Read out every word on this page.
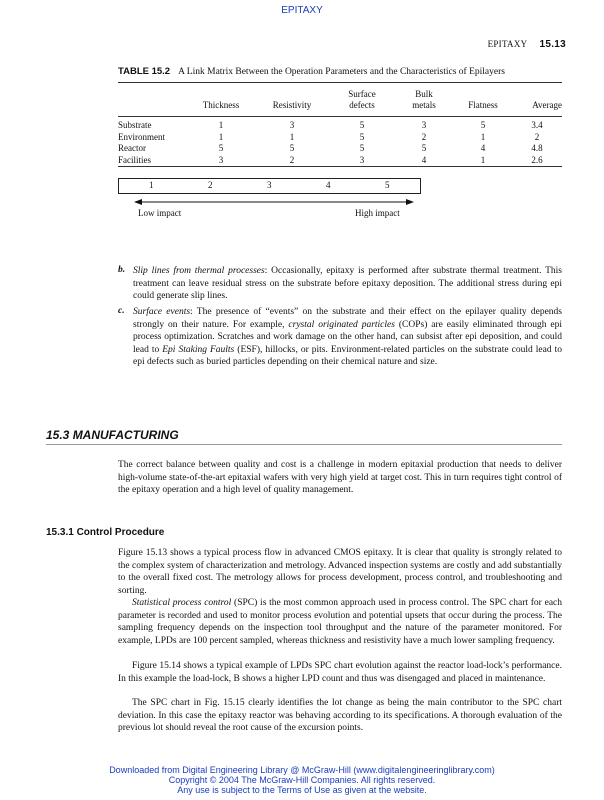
EPITAXY
EPITAXY 15.13
TABLE 15.2 A Link Matrix Between the Operation Parameters and the Characteristics of Epilayers
	Thickness	Resistivity	Surface defects	Bulk metals	Flatness	Average

Substrate	1	3	5	3	5	3.4
Environment	1	1	5	2	1	2
Reactor	5	5	5	5	4	4.8
Facilities	3	2	3	4	1	2.6
1	2	3	4	5
Low impact	High impact
b. Slip lines from thermal processes: Occasionally, epitaxy is performed after substrate thermal treatment. This treatment can leave residual stress on the substrate before epitaxy deposition. The additional stress during epi could generate slip lines.
c. Surface events: The presence of “events” on the substrate and their effect on the epilayer quality depends strongly on their nature. For example, crystal originated particles (COPs) are easily eliminated through epi process optimization. Scratches and work damage on the other hand, can subsist after epi deposition, and could lead to Epi Staking Faults (ESF), hillocks, or pits. Environment-related particles on the substrate could lead to epi defects such as buried particles depending on their chemical nature and size.
15.3 MANUFACTURING
The correct balance between quality and cost is a challenge in modern epitaxial production that needs to deliver high-volume state-of-the-art epitaxial wafers with very high yield at target cost. This in turn requires tight control of the epitaxy operation and a high level of quality management.
15.3.1 Control Procedure
Figure 15.13 shows a typical process flow in advanced CMOS epitaxy. It is clear that quality is strongly related to the complex system of characterization and metrology. Advanced inspection systems are costly and add substantially to the overall fixed cost. The metrology allows for process development, process control, and troubleshooting and sorting.
Statistical process control (SPC) is the most common approach used in process control. The SPC chart for each parameter is recorded and used to monitor process evolution and potential upsets that occur during the process. The sampling frequency depends on the inspection tool throughput and the nature of the parameter monitored. For example, LPDs are 100 percent sampled, whereas thickness and resistivity have a much lower sampling frequency.
Figure 15.14 shows a typical example of LPDs SPC chart evolution against the reactor load-lock’s performance. In this example the load-lock, B shows a higher LPD count and thus was disengaged and placed in maintenance.
The SPC chart in Fig. 15.15 clearly identifies the lot change as being the main contributor to the SPC chart deviation. In this case the epitaxy reactor was behaving according to its specifications. A thorough evaluation of the previous lot should reveal the root cause of the excursion points.
Downloaded from Digital Engineering Library @ McGraw-Hill (www.digitalengineeringlibrary.com)
Copyright © 2004 The McGraw-Hill Companies. All rights reserved.
Any use is subject to the Terms of Use as given at the website.
